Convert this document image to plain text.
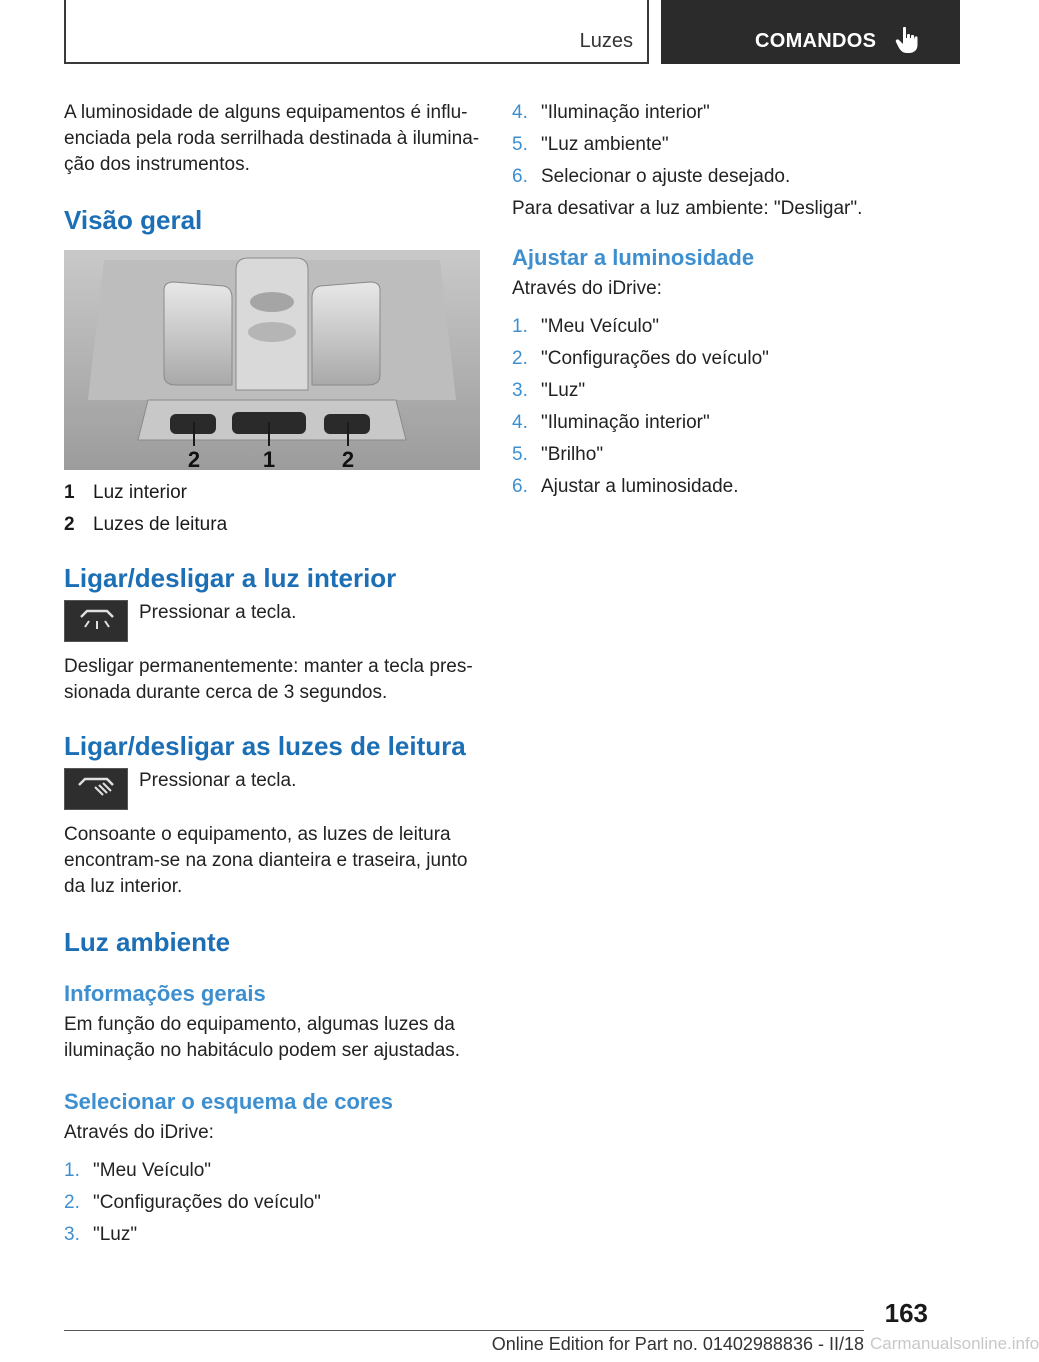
Luzes	COMANDOS

A luminosidade de alguns equipamentos é influ-enciada pela roda serrilhada destinada à ilumina-ção dos instrumentos.

Visão geral
2	1	2
1 Luz interior
2 Luzes de leitura
Ligar/desligar a luz interior

Pressionar a tecla.

Desligar permanentemente: manter a tecla pres-sionada durante cerca de 3 segundos.

Ligar/desligar as luzes de leitura

Pressionar a tecla.

Consoante o equipamento, as luzes de leitura encontram-se na zona dianteira e traseira, junto da luz interior.

Luz ambiente
Informações gerais

Em função do equipamento, algumas luzes da iluminação no habitáculo podem ser ajustadas.

Selecionar o esquema de cores

Através do iDrive:

1. "Meu Veículo"
2. "Configurações do veículo"
3. "Luz"
4. "Iluminação interior"
5. "Luz ambiente"
6. Selecionar o ajuste desejado.

Para desativar a luz ambiente: "Desligar".

Ajustar a luminosidade

Através do iDrive:

1. "Meu Veículo"
2. "Configurações do veículo"
3. "Luz"
4. "Iluminação interior"
5. "Brilho"
6. Ajustar a luminosidade.
163
Online Edition for Part no. 01402988836 - II/18 Carmanualsonline.info
